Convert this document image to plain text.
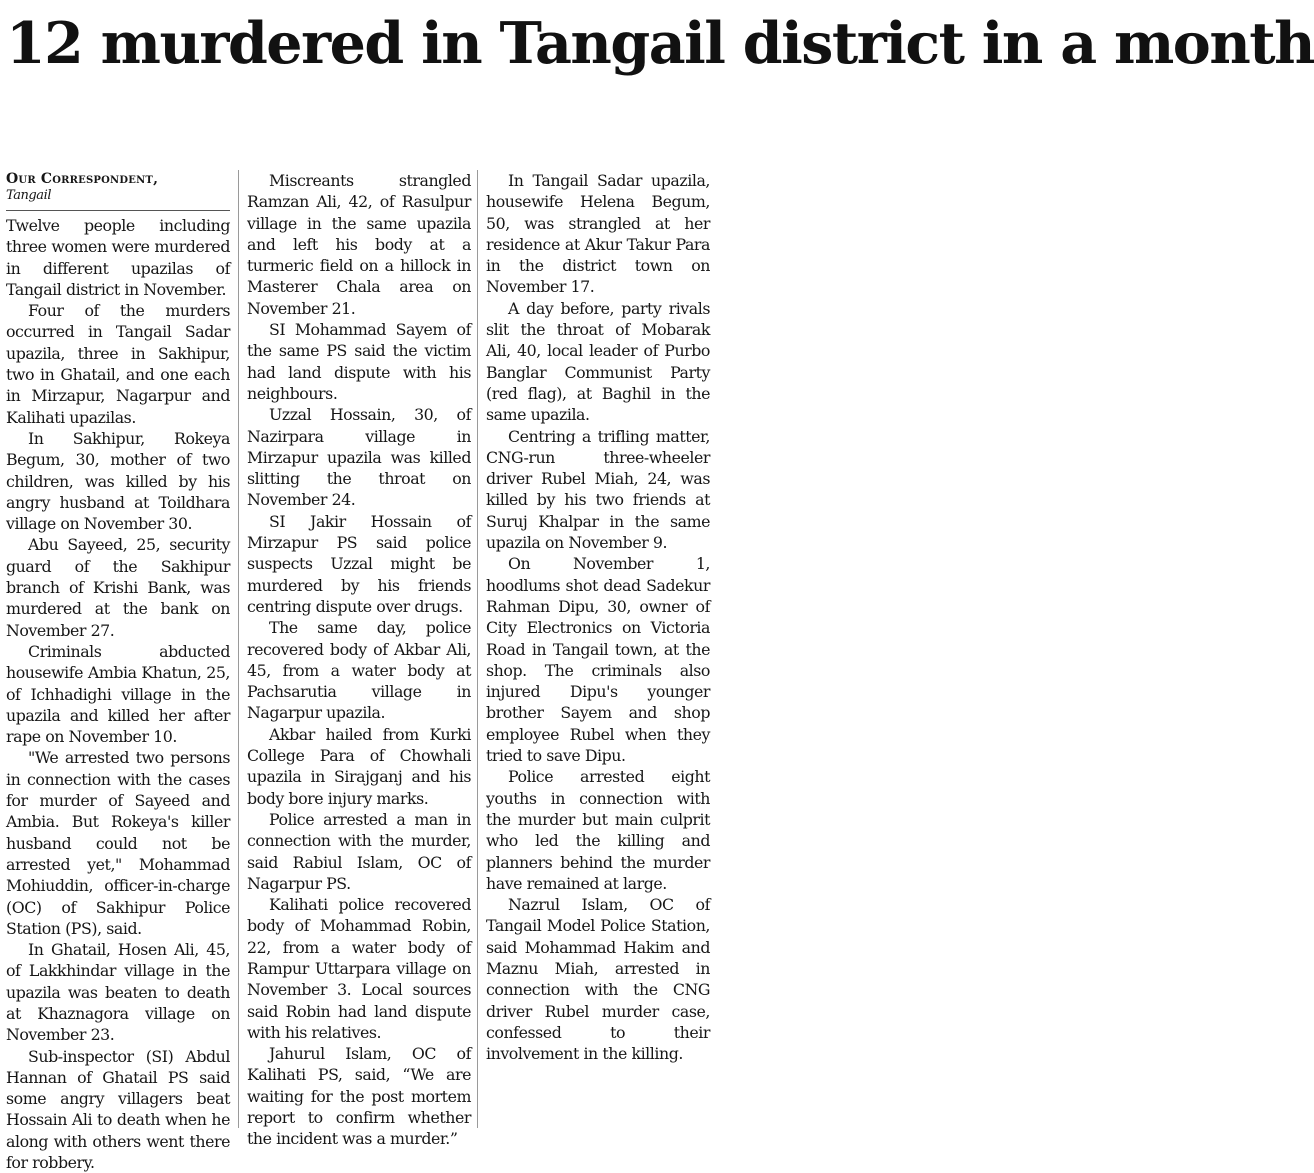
12 murdered in Tangail district in a month

Our Correspondent,

Tangail

Twelve people including three women were murdered in different upazilas of Tangail district in November.

Four of the murders occurred in Tangail Sadar upazila, three in Sakhipur, two in Ghatail, and one each in Mirzapur, Nagarpur and Kalihati upazilas.

In Sakhipur, Rokeya Begum, 30, mother of two children, was killed by his angry husband at Toildhara village on November 30.

Abu Sayeed, 25, security guard of the Sakhipur branch of Krishi Bank, was murdered at the bank on November 27.

Criminals abducted housewife Ambia Khatun, 25, of Ichhadighi village in the upazila and killed her after rape on November 10.

"We arrested two persons in connection with the cases for murder of Sayeed and Ambia. But Rokeya's killer husband could not be arrested yet," Mohammad Mohiuddin, officer-in-charge (OC) of Sakhipur Police Station (PS), said.

In Ghatail, Hosen Ali, 45, of Lakkhindar village in the upazila was beaten to death at Khaznagora village on November 23.

Sub-inspector (SI) Abdul Hannan of Ghatail PS said some angry villagers beat Hossain Ali to death when he along with others went there for robbery.

Miscreants strangled Ramzan Ali, 42, of Rasulpur village in the same upazila and left his body at a turmeric field on a hillock in Masterer Chala area on November 21.

SI Mohammad Sayem of the same PS said the victim had land dispute with his neighbours.

Uzzal Hossain, 30, of Nazirpara village in Mirzapur upazila was killed slitting the throat on November 24.

SI Jakir Hossain of Mirzapur PS said police suspects Uzzal might be murdered by his friends centring dispute over drugs.

The same day, police recovered body of Akbar Ali, 45, from a water body at Pachsarutia village in Nagarpur upazila.

Akbar hailed from Kurki College Para of Chowhali upazila in Sirajganj and his body bore injury marks.

Police arrested a man in connection with the murder, said Rabiul Islam, OC of Nagarpur PS.

Kalihati police recovered body of Mohammad Robin, 22, from a water body of Rampur Uttarpara village on November 3. Local sources said Robin had land dispute with his relatives.

Jahurul Islam, OC of Kalihati PS, said, “We are waiting for the post mortem report to confirm whether the incident was a murder.”

In Tangail Sadar upazila, housewife Helena Begum, 50, was strangled at her residence at Akur Takur Para in the district town on November 17.

A day before, party rivals slit the throat of Mobarak Ali, 40, local leader of Purbo Banglar Communist Party (red flag), at Baghil in the same upazila.

Centring a trifling matter, CNG-run three-wheeler driver Rubel Miah, 24, was killed by his two friends at Suruj Khalpar in the same upazila on November 9.

On November 1, hoodlums shot dead Sadekur Rahman Dipu, 30, owner of City Electronics on Victoria Road in Tangail town, at the shop. The criminals also injured Dipu's younger brother Sayem and shop employee Rubel when they tried to save Dipu.

Police arrested eight youths in connection with the murder but main culprit who led the killing and planners behind the murder have remained at large.

Nazrul Islam, OC of Tangail Model Police Station, said Mohammad Hakim and Maznu Miah, arrested in connection with the CNG driver Rubel murder case, confessed to their involvement in the killing.
